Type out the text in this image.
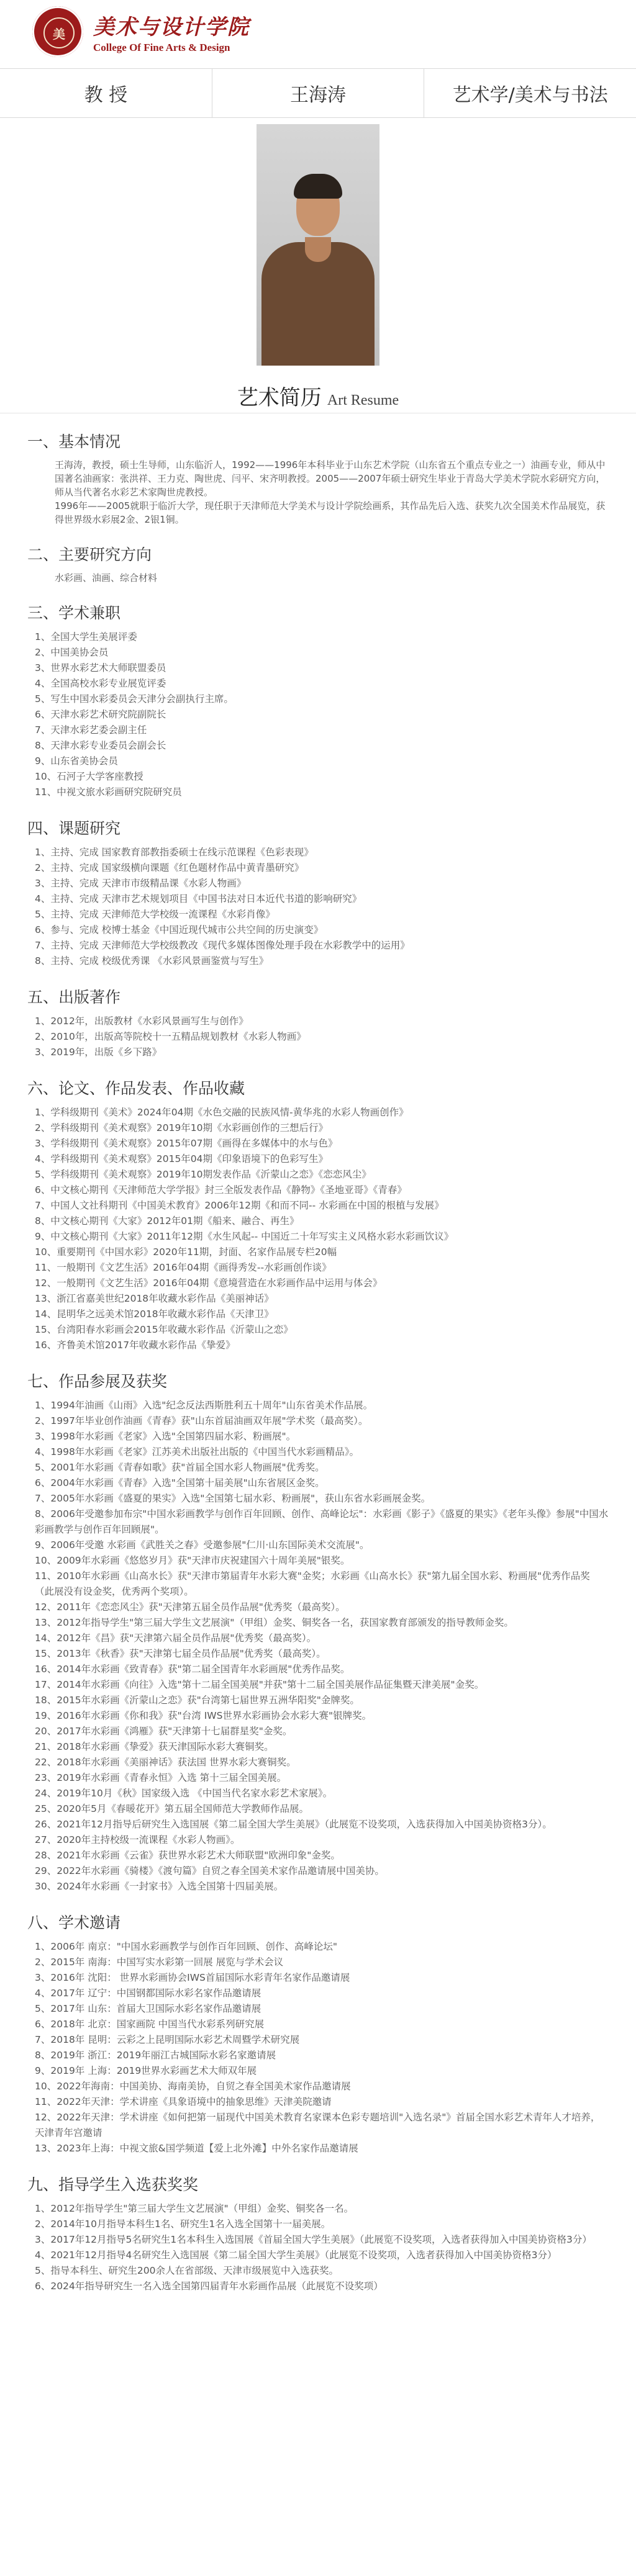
美	美术与设计学院
College Of Fine Arts & Design
教 授	王海涛	艺术学/美术与书法
艺术简历 Art Resume
一、基本情况
王海涛，教授，硕士生导师，山东临沂人，1992——1996年本科毕业于山东艺术学院（山东省五个重点专业之一）油画专业，师从中国著名油画家：张洪祥、王力克、陶世虎、闫平、宋齐明教授。2005——2007年硕士研究生毕业于青岛大学美术学院水彩研究方向，师从当代著名水彩艺术家陶世虎教授。
1996年——2005就职于临沂大学，现任职于天津师范大学美术与设计学院绘画系，其作品先后入选、获奖九次全国美术作品展览，获得世界级水彩展2金、2银1铜。
二、主要研究方向
水彩画、油画、综合材料
三、学术兼职
1、全国大学生美展评委
2、中国美协会员
3、世界水彩艺术大师联盟委员
4、全国高校水彩专业展览评委
5、写生中国水彩委员会天津分会副执行主席。
6、天津水彩艺术研究院副院长
7、天津水彩艺委会副主任
8、天津水彩专业委员会副会长
9、山东省美协会员
10、石河子大学客座教授
11、中视文旅水彩画研究院研究员
四、课题研究
1、主持、完成 国家教育部教指委硕士在线示范课程《色彩表现》
2、主持、完成 国家级横向课题《红色题材作品中黄青墨研究》
3、主持、完成 天津市市级精品课《水彩人物画》
4、主持、完成 天津市艺术规划项目《中国书法对日本近代书道的影响研究》
5、主持、完成 天津师范大学校级一流课程《水彩肖像》
6、参与、完成 校博士基金《中国近现代城市公共空间的历史演变》
7、主持、完成 天津师范大学校级教改《现代多媒体图像处理手段在水彩教学中的运用》
8、主持、完成 校级优秀课 《水彩风景画鉴赏与写生》
五、出版著作
1、2012年，出版教材《水彩风景画写生与创作》
2、2010年，出版高等院校十一五精品规划教材《水彩人物画》
3、2019年，出版《乡下路》
六、论文、作品发表、作品收藏
1、学科级期刊《美术》2024年04期《水色交融的民族风情-黄华兆的水彩人物画创作》
2、学科级期刊《美术观察》2019年10期《水彩画创作的三想后行》
3、学科级期刊《美术观察》2015年07期《画得在多媒体中的水与色》
4、学科级期刊《美术观察》2015年04期《印象语境下的色彩写生》
5、学科级期刊《美术观察》2019年10期发表作品《沂蒙山之恋》《恋恋风尘》
6、中文核心期刊《天津师范大学学报》封三全版发表作品《静物》《圣地亚哥》《青春》
7、中国人文社科期刊《中国美术教育》2006年12期《和而不同-- 水彩画在中国的根植与发展》
8、中文核心期刊《大家》2012年01期《船来、融合、再生》
9、中文核心期刊《大家》2011年12期《水生风起-- 中国近二十年写实主义风格水彩水彩画饮议》
10、重要期刊《中国水彩》2020年11期，封面、名家作品展专栏20幅
11、一般期刊《文艺生活》2016年04期《画得秀发--水彩画创作谈》
12、一般期刊《文艺生活》2016年04期《意境营造在水彩画作品中运用与体会》
13、浙江省嘉美世纪2018年收藏水彩作品《美丽神话》
14、昆明华之远美术馆2018年收藏水彩作品《天津卫》
15、台湾阳春水彩画会2015年收藏水彩作品《沂蒙山之恋》
16、齐鲁美术馆2017年收藏水彩作品《挚爱》
七、作品参展及获奖
1、1994年油画《山雨》入选"纪念反法西斯胜利五十周年"山东省美术作品展。
2、1997年毕业创作油画《青春》获"山东首届油画双年展"学术奖（最高奖）。
3、1998年水彩画《老家》入选"全国第四届水彩、粉画展"。
4、1998年水彩画《老家》江苏美术出版社出版的《中国当代水彩画精品》。
5、2001年水彩画《青春如歌》获"首届全国水彩人物画展"优秀奖。
6、2004年水彩画《青春》入选"全国第十届美展"山东省展区金奖。
7、2005年水彩画《盛夏的果实》入选"全国第七届水彩、粉画展"，获山东省水彩画展金奖。
8、2006年受邀参加布宗"中国水彩画教学与创作百年回顾、创作、高峰论坛"：水彩画《影子》《盛夏的果实》《老年头像》参展"中国水彩画教学与创作百年回顾展"。
9、2006年受邀 水彩画《武胜关之春》受邀参展"仁川·山东国际美术交流展"。
10、2009年水彩画《悠悠岁月》获"天津市庆祝建国六十周年美展"银奖。
11、2010年水彩画《山高水长》获"天津市第届青年水彩大赛"金奖；水彩画《山高水长》获"第九届全国水彩、粉画展"优秀作品奖（此展没有设金奖，优秀两个奖项）。
12、2011年《恋恋风尘》获"天津第五届全员作品展"优秀奖（最高奖）。
13、2012年指导学生"第三届大学生文艺展演"（甲组）金奖、铜奖各一名，获国家教育部颁发的指导教师金奖。
14、2012年《昌》获"天津第六届全员作品展"优秀奖（最高奖）。
15、2013年《秋香》获"天津第七届全员作品展"优秀奖（最高奖）。
16、2014年水彩画《致青春》获"第二届全国青年水彩画展"优秀作品奖。
17、2014年水彩画《向往》入选"第十二届全国美展"并获"第十二届全国美展作品征集暨天津美展"金奖。
18、2015年水彩画《沂蒙山之恋》获"台湾第七届世界五洲华阳奖"金牌奖。
19、2016年水彩画《你和我》获"台湾 IWS世界水彩画协会水彩大赛"银牌奖。
20、2017年水彩画《鸿雁》获"天津第十七届群星奖"金奖。
21、2018年水彩画《挚爱》获天津国际水彩大赛铜奖。
22、2018年水彩画《美丽神话》获法国 世界水彩大赛铜奖。
23、2019年水彩画《青春永恒》入选 第十三届全国美展。
24、2019年10月《秋》国家级入选 《中国当代名家水彩艺术家展》。
25、2020年5月《春暖花开》第五届全国师范大学教师作品展。
26、2021年12月指导后研究生入选国展《第二届全国大学生美展》（此展览不设奖项，入选获得加入中国美协资格3分）。
27、2020年主持校级一流课程《水彩人物画》。
28、2021年水彩画《云雀》获世界水彩艺术大师联盟"欧洲印象"金奖。
29、2022年水彩画《骑楼》《渡句篇》自贸之春全国美术家作品邀请展中国美协。
30、2024年水彩画《一封家书》入选全国第十四届美展。
八、学术邀请
1、2006年 南京："中国水彩画教学与创作百年回顾、创作、高峰论坛"
2、2015年 南海：中国写实水彩第一回展 展览与学术会议
3、2016年 沈阳： 世界水彩画协会IWS首届国际水彩青年名家作品邀请展
4、2017年 辽宁：中国钢都国际水彩名家作品邀请展
5、2017年 山东：首届大卫国际水彩名家作品邀请展
6、2018年 北京：国家画院 中国当代水彩系列研究展
7、2018年 昆明：云彩之上昆明国际水彩艺术周暨学术研究展
8、2019年 浙江：2019年丽江古城国际水彩名家邀请展
9、2019年 上海：2019世界水彩画艺术大师双年展
10、2022年海南：中国美协、海南美协，自贸之春全国美术家作品邀请展
11、2022年天津：学术讲座《具象语境中的抽象思维》天津美院邀请
12、2022年天津：学术讲座《如何把第一届现代中国美术教育名家课本色彩专题培训"入选名录"》首届全国水彩艺术青年人才培养，天津青年宫邀请
13、2023年上海：中视文旅&国学频道【爱上北外滩】中外名家作品邀请展
九、指导学生入选获奖奖
1、2012年指导学生"第三届大学生文艺展演"（甲组）金奖、铜奖各一名。
2、2014年10月指导本科生1名、研究生1名入选全国第十一届美展。
3、2017年12月指导5名研究生1名本科生入选国展《首届全国大学生美展》（此展览不设奖项，入选者获得加入中国美协资格3分）
4、2021年12月指导4名研究生入选国展《第二届全国大学生美展》（此展览不设奖项，入选者获得加入中国美协资格3分）
5、指导本科生、研究生200余人在省部级、天津市级展览中入选获奖。
6、2024年指导研究生一名入选全国第四届青年水彩画作品展（此展览不设奖项）
